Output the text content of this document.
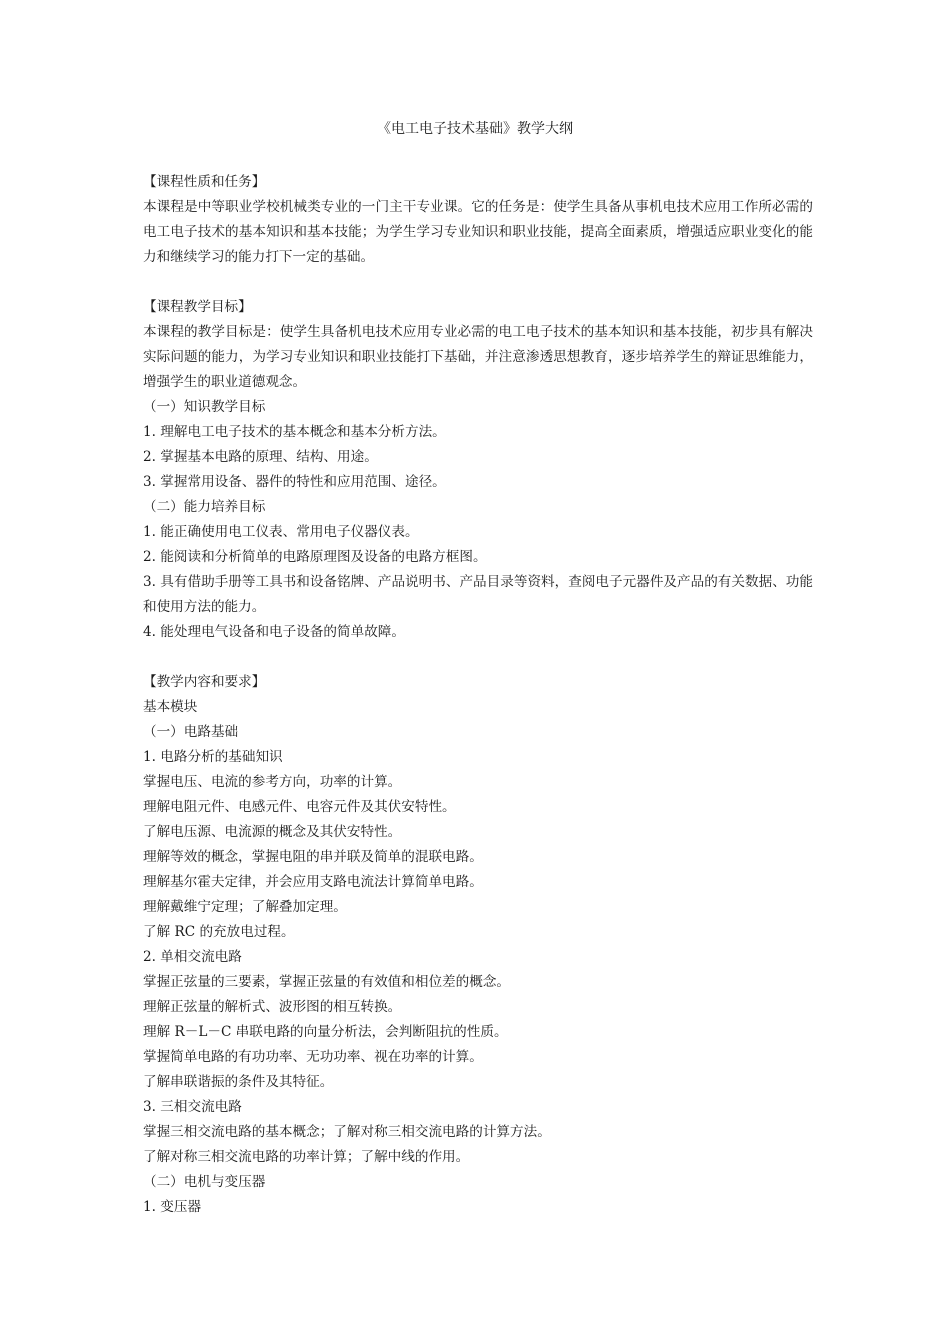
《电工电子技术基础》教学大纲
【课程性质和任务】
本课程是中等职业学校机械类专业的一门主干专业课。它的任务是：使学生具备从事机电技术应用工作所必需的电工电子技术的基本知识和基本技能；为学生学习专业知识和职业技能，提高全面素质，增强适应职业变化的能力和继续学习的能力打下一定的基础。
【课程教学目标】
本课程的教学目标是：使学生具备机电技术应用专业必需的电工电子技术的基本知识和基本技能，初步具有解决实际问题的能力，为学习专业知识和职业技能打下基础，并注意渗透思想教育，逐步培养学生的辩证思维能力，增强学生的职业道德观念。
（一）知识教学目标
1. 理解电工电子技术的基本概念和基本分析方法。
2. 掌握基本电路的原理、结构、用途。
3. 掌握常用设备、器件的特性和应用范围、途径。
（二）能力培养目标
1. 能正确使用电工仪表、常用电子仪器仪表。
2. 能阅读和分析简单的电路原理图及设备的电路方框图。
3. 具有借助手册等工具书和设备铭牌、产品说明书、产品目录等资料，查阅电子元器件及产品的有关数据、功能和使用方法的能力。
4. 能处理电气设备和电子设备的简单故障。
【教学内容和要求】
基本模块
（一）电路基础
1. 电路分析的基础知识
掌握电压、电流的参考方向，功率的计算。
理解电阻元件、电感元件、电容元件及其伏安特性。
了解电压源、电流源的概念及其伏安特性。
理解等效的概念，掌握电阻的串并联及简单的混联电路。
理解基尔霍夫定律，并会应用支路电流法计算简单电路。
理解戴维宁定理；了解叠加定理。
了解 RC 的充放电过程。
2. 单相交流电路
掌握正弦量的三要素，掌握正弦量的有效值和相位差的概念。
理解正弦量的解析式、波形图的相互转换。
理解 R－L－C 串联电路的向量分析法，会判断阻抗的性质。
掌握简单电路的有功功率、无功功率、视在功率的计算。
了解串联谐振的条件及其特征。
3. 三相交流电路
掌握三相交流电路的基本概念；了解对称三相交流电路的计算方法。
了解对称三相交流电路的功率计算；了解中线的作用。
（二）电机与变压器
1. 变压器
